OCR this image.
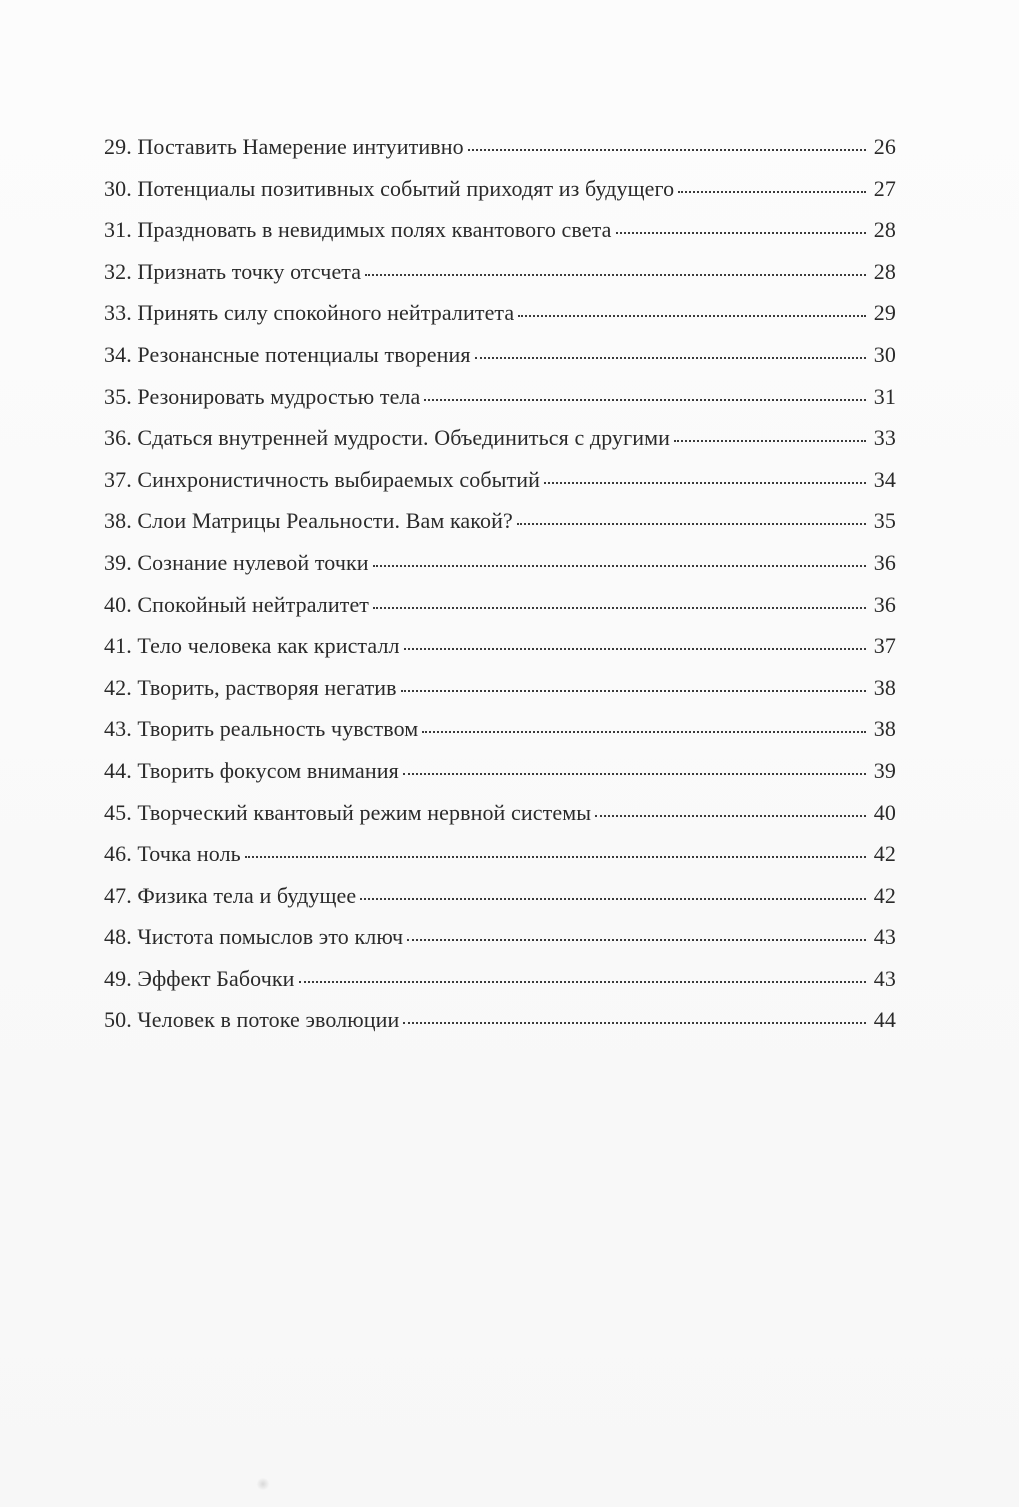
29. Поставить Намерение интуитивно	26
30. Потенциалы позитивных событий приходят из будущего	27
31. Праздновать в невидимых полях квантового света	28
32. Признать точку отсчета	28
33. Принять силу спокойного нейтралитета	29
34. Резонансные потенциалы творения	30
35. Резонировать мудростью тела	31
36. Сдаться внутренней мудрости. Объединиться с другими	33
37. Синхронистичность выбираемых событий	34
38. Слои Матрицы Реальности. Вам какой?	35
39. Сознание нулевой точки	36
40. Спокойный нейтралитет	36
41. Тело человека как кристалл	37
42. Творить, растворяя негатив	38
43. Творить реальность чувством	38
44. Творить фокусом внимания	39
45. Творческий квантовый режим нервной системы	40
46. Точка ноль	42
47. Физика тела и будущее	42
48. Чистота помыслов это ключ	43
49. Эффект Бабочки	43
50. Человек в потоке эволюции	44
